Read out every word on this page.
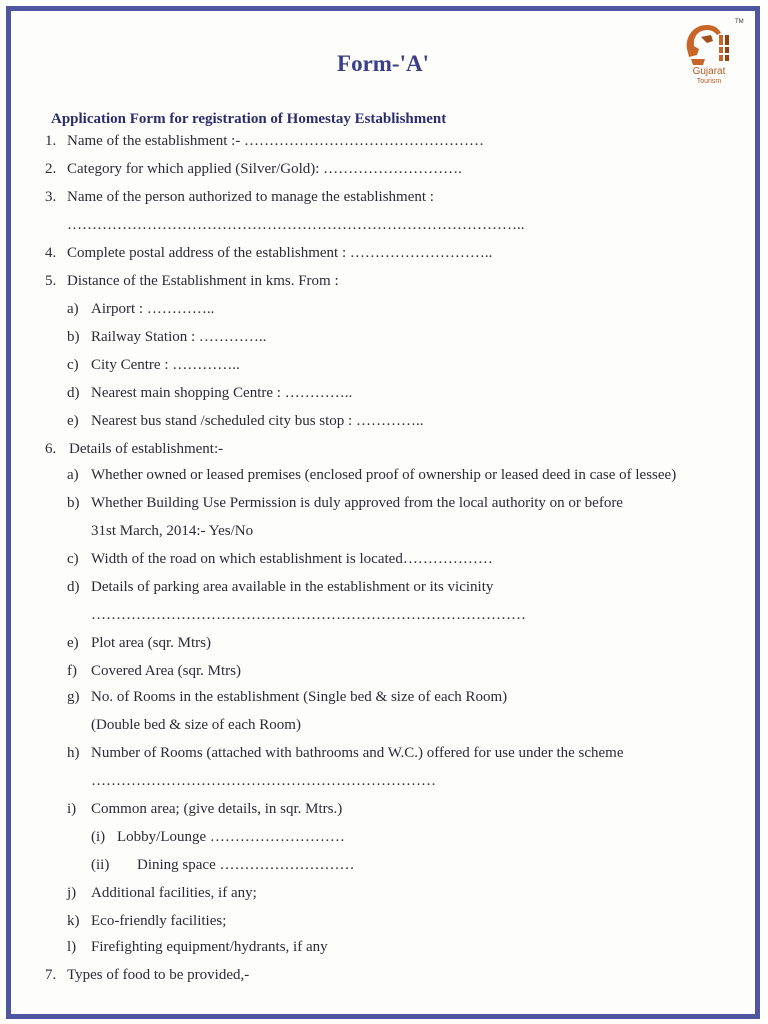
Form-'A'
TM
Gujarat
Tourism
Application Form for registration of Homestay Establishment
1. Name of the establishment :- …………………………………………
2. Category for which applied (Silver/Gold): ……………………….
3. Name of the person authorized to manage the establishment :
………………………………………………………………………………..
4. Complete postal address of the establishment : ………………………..
5. Distance of the Establishment in kms. From :
a) Airport : …………..
b) Railway Station : …………..
c) City Centre : …………..
d) Nearest main shopping Centre : …………..
e) Nearest bus stand /scheduled city bus stop : …………..
6. Details of establishment:-
a) Whether owned or leased premises (enclosed proof of ownership or leased deed in case of lessee)
b) Whether Building Use Permission is duly approved from the local authority on or before
31st March, 2014:- Yes/No
c) Width of the road on which establishment is located………………
d) Details of parking area available in the establishment or its vicinity
……………………………………………………………………………
e) Plot area (sqr. Mtrs)
f) Covered Area (sqr. Mtrs)
g) No. of Rooms in the establishment (Single bed & size of each Room)
(Double bed & size of each Room)
h) Number of Rooms (attached with bathrooms and W.C.) offered for use under the scheme
……………………………………………………………
i) Common area; (give details, in sqr. Mtrs.)
(i) Lobby/Lounge ………………………
(ii) Dining space ………………………
j) Additional facilities, if any;
k) Eco-friendly facilities;
l) Firefighting equipment/hydrants, if any
7. Types of food to be provided,-
